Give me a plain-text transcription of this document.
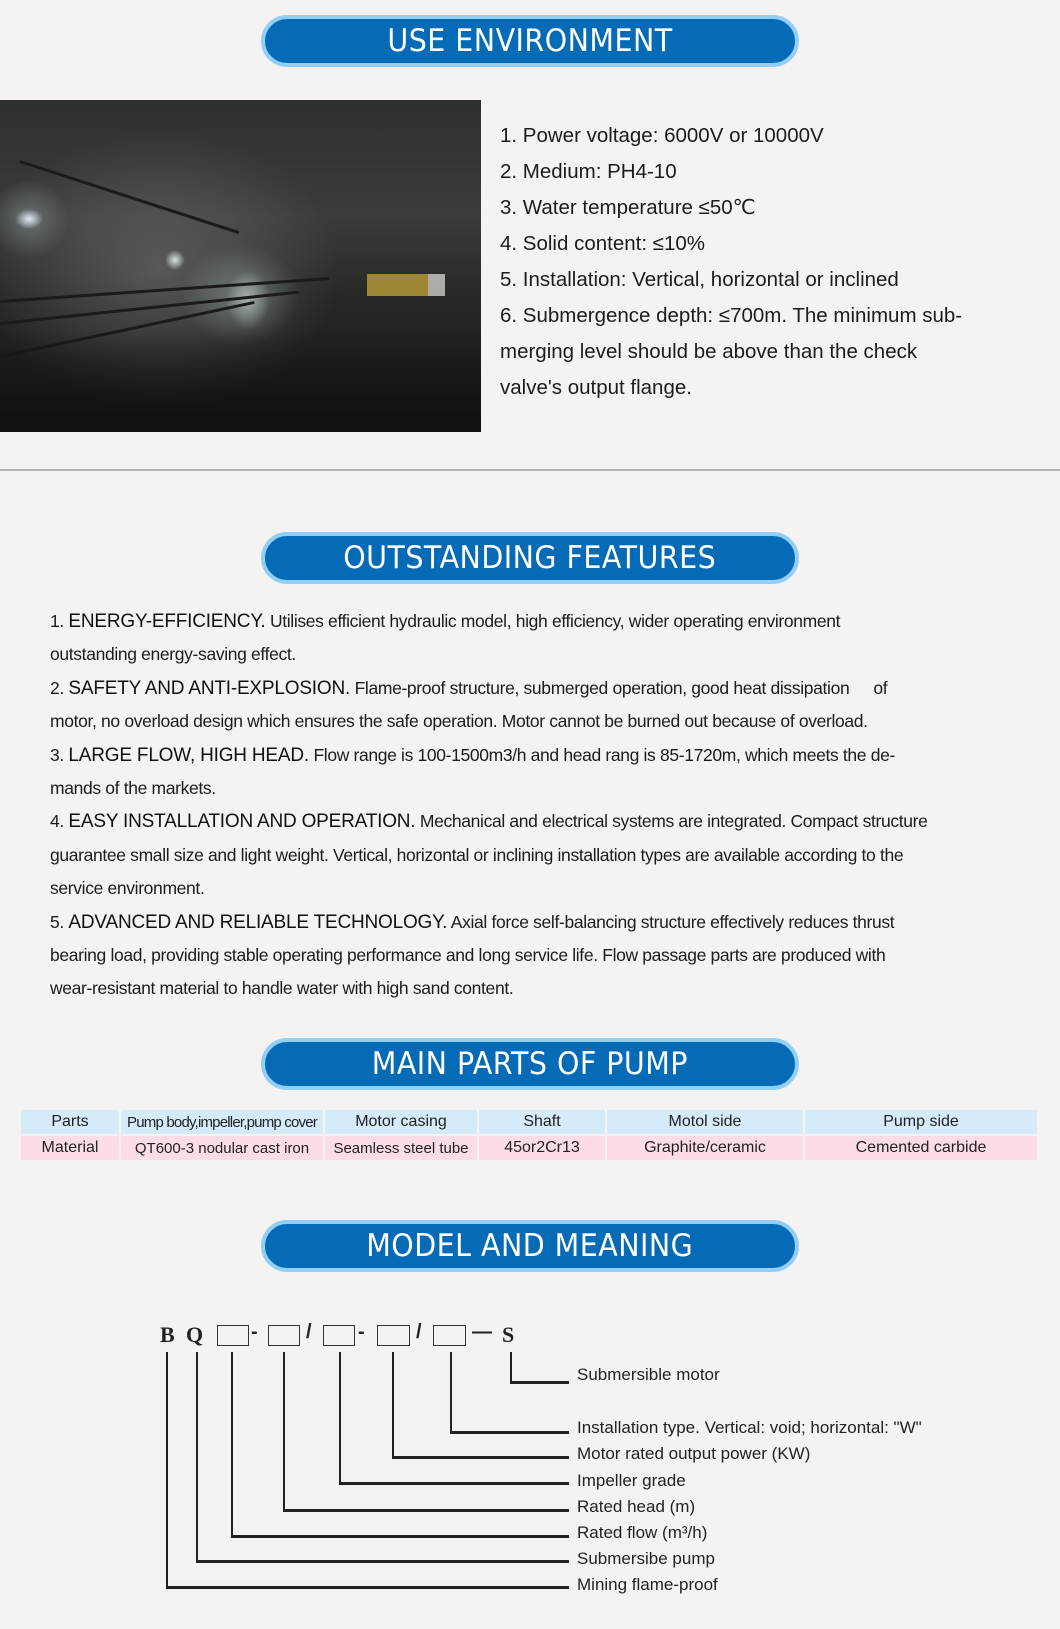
USE ENVIRONMENT
1. Power voltage: 6000V or 10000V
2. Medium: PH4-10
3. Water temperature ≤50℃
4. Solid content: ≤10%
5. Installation: Vertical, horizontal or inclined
6. Submergence depth: ≤700m. The minimum sub-
merging level should be above than the check
valve's output flange.
OUTSTANDING FEATURES

1. ENERGY-EFFICIENCY. Utilises efficient hydraulic model, high efficiency, wider operating environment

outstanding energy-saving effect.

2. SAFETY AND ANTI-EXPLOSION. Flame-proof structure, submerged operation, good heat dissipation of

motor, no overload design which ensures the safe operation. Motor cannot be burned out because of overload.

3. LARGE FLOW, HIGH HEAD. Flow range is 100-1500m3/h and head rang is 85-1720m, which meets the de-

mands of the markets.

4. EASY INSTALLATION AND OPERATION. Mechanical and electrical systems are integrated. Compact structure

guarantee small size and light weight. Vertical, horizontal or inclining installation types are available according to the

service environment.

5. ADVANCED AND RELIABLE TECHNOLOGY. Axial force self-balancing structure effectively reduces thrust

bearing load, providing stable operating performance and long service life. Flow passage parts are produced with

wear-resistant material to handle water with high sand content.

MAIN PARTS OF PUMP
Parts	Pump body,impeller,pump cover	Motor casing	Shaft	Motol side	Pump side
Material	QT600-3 nodular cast iron	Seamless steel tube	45or2Cr13	Graphite/ceramic	Cemented carbide
MODEL AND MEANING
B Q - / -	/	— S
Submersible motor
Installation type. Vertical: void; horizontal: "W"
Motor rated output power (KW)
Impeller grade
Rated head (m)
Rated flow (m³/h)
Submersibe pump
Mining flame-proof
